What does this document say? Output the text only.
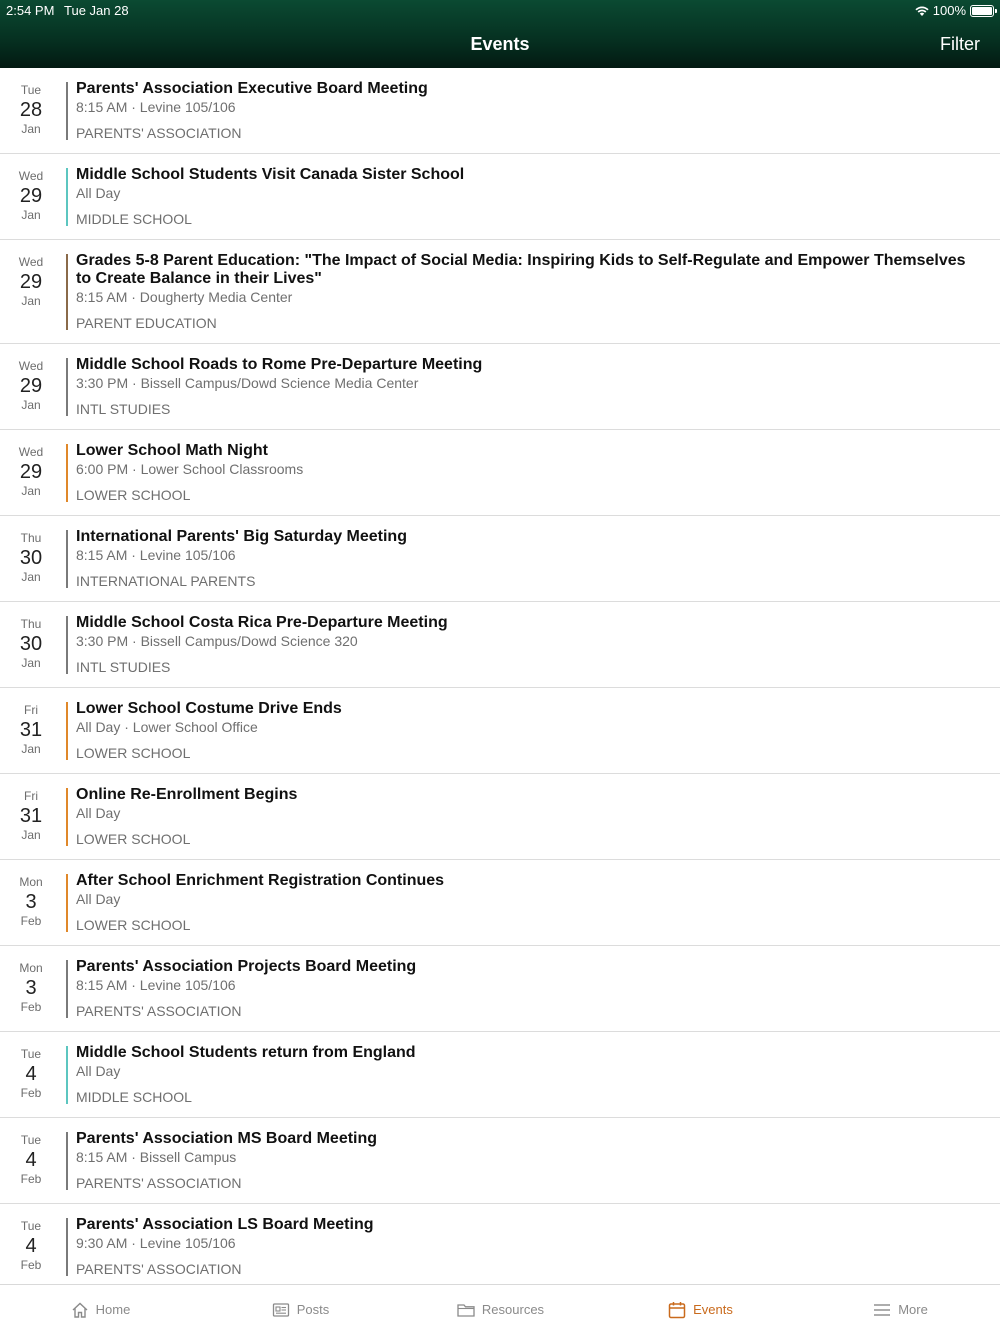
2:54 PM Tue Jan 28	100%
Events	Filter
Tue
28
Jan
Parents' Association Executive Board Meeting
8:15 AM · Levine 105/106
PARENTS' ASSOCIATION
Wed
29
Jan
Middle School Students Visit Canada Sister School
All Day
MIDDLE SCHOOL
Wed
29
Jan
Grades 5-8 Parent Education: "The Impact of Social Media: Inspiring Kids to Self-Regulate and Empower Themselves to Create Balance in their Lives"
8:15 AM · Dougherty Media Center
PARENT EDUCATION
Wed
29
Jan
Middle School Roads to Rome Pre-Departure Meeting
3:30 PM · Bissell Campus/Dowd Science Media Center
INTL STUDIES
Wed
29
Jan
Lower School Math Night
6:00 PM · Lower School Classrooms
LOWER SCHOOL
Thu
30
Jan
International Parents' Big Saturday Meeting
8:15 AM · Levine 105/106
INTERNATIONAL PARENTS
Thu
30
Jan
Middle School Costa Rica Pre-Departure Meeting
3:30 PM · Bissell Campus/Dowd Science 320
INTL STUDIES
Fri
31
Jan
Lower School Costume Drive Ends
All Day · Lower School Office
LOWER SCHOOL
Fri
31
Jan
Online Re-Enrollment Begins
All Day
LOWER SCHOOL
Mon
3
Feb
After School Enrichment Registration Continues
All Day
LOWER SCHOOL
Mon
3
Feb
Parents' Association Projects Board Meeting
8:15 AM · Levine 105/106
PARENTS' ASSOCIATION
Tue
4
Feb
Middle School Students return from England
All Day
MIDDLE SCHOOL
Tue
4
Feb
Parents' Association MS Board Meeting
8:15 AM · Bissell Campus
PARENTS' ASSOCIATION
Tue
4
Feb
Parents' Association LS Board Meeting
9:30 AM · Levine 105/106
PARENTS' ASSOCIATION
Home	Posts	Resources	Events	More
